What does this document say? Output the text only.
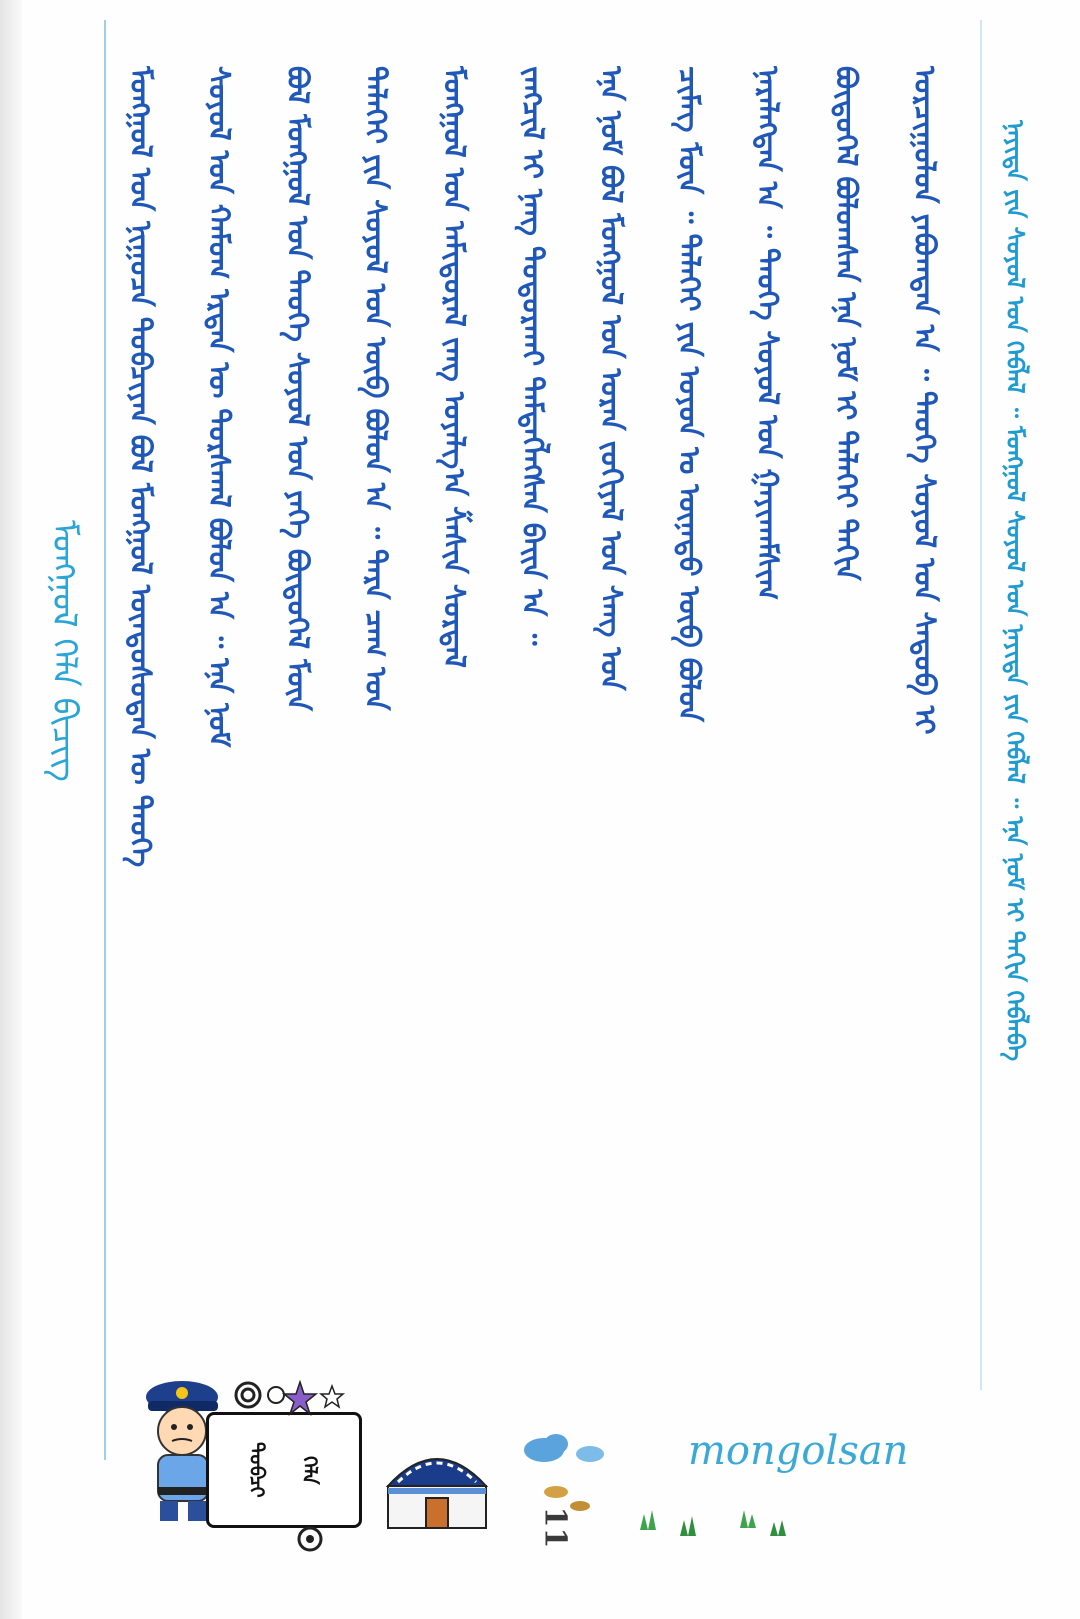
ᠮᠣᠩᠭᠣᠯ ᠬᠡᠯᠡ ᠪᠢᠴᠢᠭ	ᠮᠣᠩᠭᠣᠯ ᠤᠨ ᠨᠢᠭᠤᠴᠠ ᠲᠣᠪᠴᠢᠶᠠᠨ ᠪᠣᠯ ᠮᠣᠩᠭᠣᠯ ᠦᠨᠳᠦᠰᠦᠲᠡᠨ ᠦ ᠲᠡᠦᠬᠡ ᠰᠣᠶᠣᠯ ᠤᠨ ᠬᠠᠮᠤᠭ ᠡᠷᠲᠡᠨ ᠦ ᠳᠤᠷᠰᠭᠠᠯ ᠪᠣᠯᠤᠨ ᠠ ᠃ ᠡᠨᠡ ᠨᠣᠮ ᠪᠣᠯ ᠮᠣᠩᠭᠣᠯ ᠤᠨ ᠲᠡᠦᠬᠡ ᠰᠣᠶᠣᠯ ᠤᠨ ᠶᠡᠬᠡ ᠪᠦᠲᠦᠭᠡᠯ ᠮᠥᠨ ᠳᠡᠯᠡᠬᠡᠢ ᠶᠢᠨ ᠰᠣᠶᠣᠯ ᠤᠨ ᠥᠪ ᠪᠣᠯᠤᠨ ᠠ ᠃ ᠲᠡᠷᠡ ᠴᠠᠭ ᠤᠨ ᠮᠣᠩᠭᠣᠯ ᠤᠨ ᠠᠮᠢᠳᠤᠷᠠᠯ ᠵᠠᠩ ᠤᠶᠠᠯᠭ᠎ᠠ ᠱᠠᠰᠢᠨ ᠰᠤᠷᠲᠠᠯ ᠵᠠᠩᠴᠢᠯ ᠢ ᠨᠡᠩ ᠲᠣᠳᠣᠷᠬᠠᠢ ᠲᠡᠮᠳᠡᠭᠯᠡᠭᠰᠡᠨ ᠪᠠᠢᠨ ᠠ ᠃ ᠡᠨᠡ ᠨᠣᠮ ᠪᠣᠯ ᠮᠣᠩᠭᠣᠯ ᠤᠨ ᠤᠷᠠᠨ ᠵᠣᠬᠢᠶᠠᠯ ᠤᠨ ᠰᠠᠩ ᠤᠨ ᠴᠢᠮᠡᠭ ᠮᠥᠨ ᠃ ᠳᠡᠯᠡᠬᠡᠢ ᠶᠢᠨ ᠣᠶᠤᠨ ᠤ ᠦᠨᠡᠲᠦ ᠥᠪ ᠪᠣᠯᠤᠨ ᠨᠡᠷᠡᠯᠡᠭᠳᠡᠨ ᠠ ᠃ ᠲᠡᠦᠬᠡ ᠰᠣᠶᠣᠯ ᠤᠨ ᠭᠠᠶᠢᠬᠠᠮᠰᠢᠭ ᠪᠦᠲᠦᠭᠡᠯ ᠪᠣᠯᠤᠭᠰᠠᠨ ᠡᠨᠡ ᠨᠣᠮ ᠢ ᠳᠡᠯᠡᠬᠡᠢ ᠳᠠᠬᠢᠨ ᠣᠷᠴᠢᠭᠤᠯᠤᠨ ᠶᠠᠪᠤᠭᠳᠠᠨ ᠠ ᠃ ᠲᠡᠦᠬᠡ ᠰᠣᠶᠣᠯ ᠤᠨ ᠰᠡᠳᠦᠪ ᠢ ᠨᠡᠶᠢᠲᠡ ᠶᠢᠨ ᠰᠣᠶᠣᠯ ᠤᠨ ᠬᠡᠪᠯᠡᠯ ᠃ ᠮᠣᠩᠭᠣᠯ ᠰᠣᠶᠣᠯ ᠤᠨ ᠨᠡᠶᠢᠲᠡ ᠶᠢᠨ ᠬᠡᠪᠯᠡᠯ ᠃ ᠡᠨᠡ ᠨᠣᠮ ᠢ ᠳᠠᠬᠢᠨ ᠬᠡᠪᠯᠡᠪᠡ
ᠲᠣᠪᠴᠢ	ᠬᠡᠯᠡ
11
mongolsan
